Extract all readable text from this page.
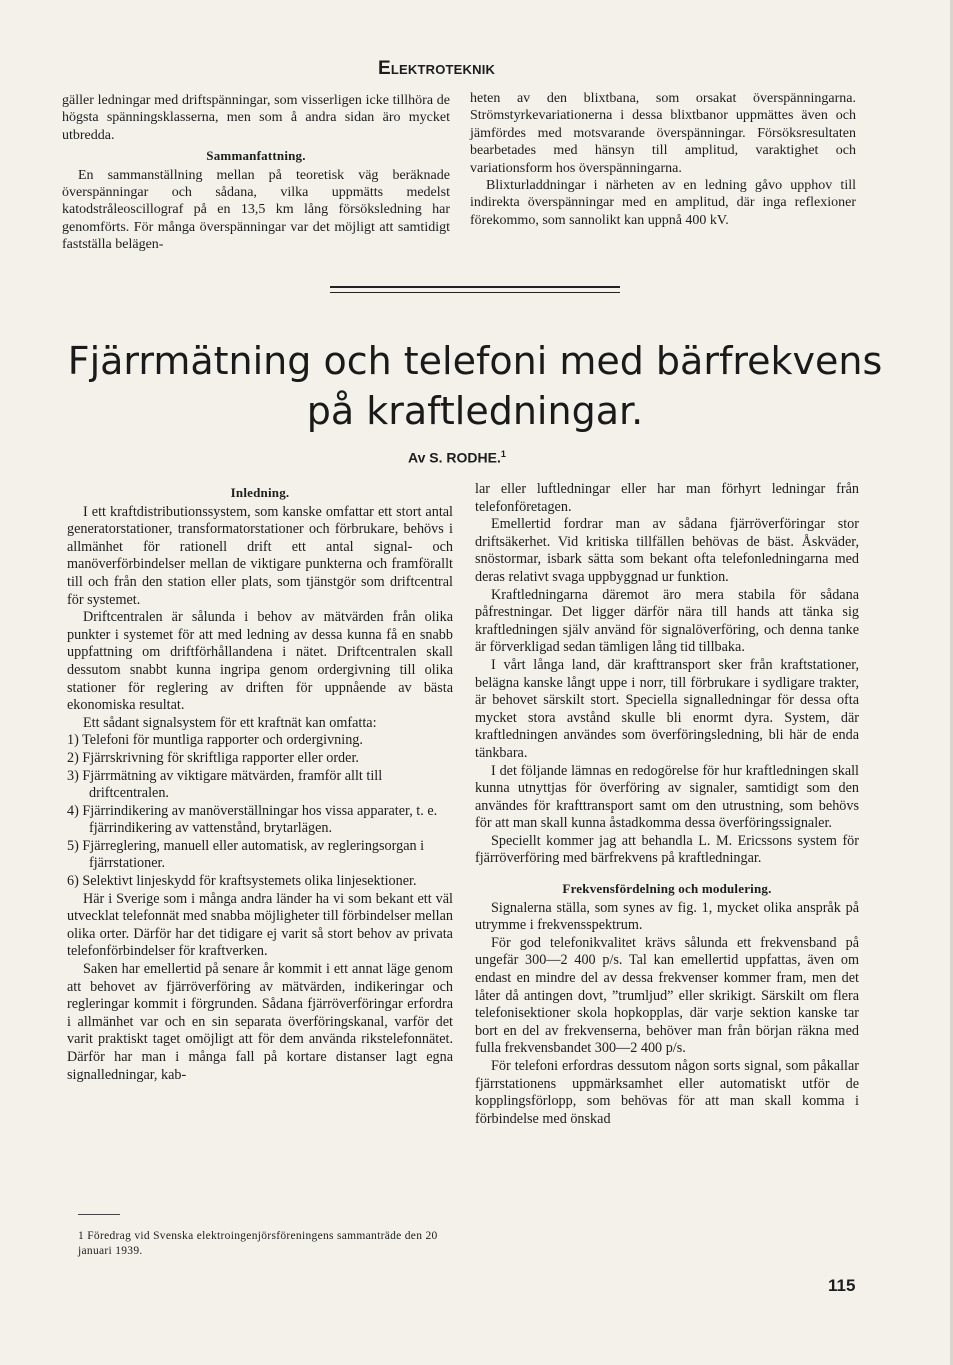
Elektroteknik

gäller ledningar med driftspänningar, som visserligen icke tillhöra de högsta spänningsklasserna, men som å andra sidan äro mycket utbredda.

Sammanfattning.

En sammanställning mellan på teoretisk väg beräknade överspänningar och sådana, vilka uppmätts medelst katodstråleoscillograf på en 13,5 km lång försöksledning har genomförts. För många överspänningar var det möjligt att samtidigt fastställa belägen-

heten av den blixtbana, som orsakat överspänningarna. Strömstyrkevariationerna i dessa blixtbanor uppmättes även och jämfördes med motsvarande överspänningar. Försöksresultaten bearbetades med hänsyn till amplitud, varaktighet och variationsform hos överspänningarna.

Blixturladdningar i närheten av en ledning gåvo upphov till indirekta överspänningar med en amplitud, där inga reflexioner förekommo, som sannolikt kan uppnå 400 kV.

Fjärrmätning och telefoni med bärfrekvens
på kraftledningar.
Av S. RODHE.$^1$
Inledning.

I ett kraftdistributionssystem, som kanske omfattar ett stort antal generatorstationer, transformatorstationer och förbrukare, behövs i allmänhet för rationell drift ett antal signal- och manöverförbindelser mellan de viktigare punkterna och framförallt till och från den station eller plats, som tjänstgör som driftcentral för systemet.

Driftcentralen är sålunda i behov av mätvärden från olika punkter i systemet för att med ledning av dessa kunna få en snabb uppfattning om driftförhållandena i nätet. Driftcentralen skall dessutom snabbt kunna ingripa genom ordergivning till olika stationer för reglering av driften för uppnående av bästa ekonomiska resultat.

Ett sådant signalsystem för ett kraftnät kan omfatta:

1) Telefoni för muntliga rapporter och ordergivning.
2) Fjärrskrivning för skriftliga rapporter eller order.
3) Fjärrmätning av viktigare mätvärden, framför allt till driftcentralen.
4) Fjärrindikering av manöverställningar hos vissa apparater, t. e. fjärrindikering av vattenstånd, brytarlägen.
5) Fjärreglering, manuell eller automatisk, av regleringsorgan i fjärrstationer.
6) Selektivt linjeskydd för kraftsystemets olika linjesektioner.

Här i Sverige som i många andra länder ha vi som bekant ett väl utvecklat telefonnät med snabba möjligheter till förbindelser mellan olika orter. Därför har det tidigare ej varit så stort behov av privata telefonförbindelser för kraftverken.

Saken har emellertid på senare år kommit i ett annat läge genom att behovet av fjärröverföring av mätvärden, indikeringar och regleringar kommit i förgrunden. Sådana fjärröverföringar erfordra i allmänhet var och en sin separata överföringskanal, varför det varit praktiskt taget omöjligt att för dem använda rikstelefonnätet. Därför har man i många fall på kortare distanser lagt egna signalledningar, kab-

lar eller luftledningar eller har man förhyrt ledningar från telefonföretagen.

Emellertid fordrar man av sådana fjärröverföringar stor driftsäkerhet. Vid kritiska tillfällen behövas de bäst. Åskväder, snöstormar, isbark sätta som bekant ofta telefonledningarna med deras relativt svaga uppbyggnad ur funktion.

Kraftledningarna däremot äro mera stabila för sådana påfrestningar. Det ligger därför nära till hands att tänka sig kraftledningen själv använd för signalöverföring, och denna tanke är förverkligad sedan tämligen lång tid tillbaka.

I vårt långa land, där krafttransport sker från kraftstationer, belägna kanske långt uppe i norr, till förbrukare i sydligare trakter, är behovet särskilt stort. Speciella signalledningar för dessa ofta mycket stora avstånd skulle bli enormt dyra. System, där kraftledningen användes som överföringsledning, bli här de enda tänkbara.

I det följande lämnas en redogörelse för hur kraftledningen skall kunna utnyttjas för överföring av signaler, samtidigt som den användes för krafttransport samt om den utrustning, som behövs för att man skall kunna åstadkomma dessa överföringssignaler.

Speciellt kommer jag att behandla L. M. Ericssons system för fjärröverföring med bärfrekvens på kraftledningar.

Frekvensfördelning och modulering.

Signalerna ställa, som synes av fig. 1, mycket olika anspråk på utrymme i frekvensspektrum.

För god telefonikvalitet krävs sålunda ett frekvensband på ungefär 300—2 400 p/s. Tal kan emellertid uppfattas, även om endast en mindre del av dessa frekvenser kommer fram, men det låter då antingen dovt, ”trumljud” eller skrikigt. Särskilt om flera telefonisektioner skola hopkopplas, där varje sektion kanske tar bort en del av frekvenserna, behöver man från början räkna med fulla frekvensbandet 300—2 400 p/s.

För telefoni erfordras dessutom någon sorts signal, som påkallar fjärrstationens uppmärksamhet eller automatiskt utför de kopplingsförlopp, som behövas för att man skall komma i förbindelse med önskad

1 Föredrag vid Svenska elektroingenjörsföreningens sammanträde den 20 januari 1939.
115
